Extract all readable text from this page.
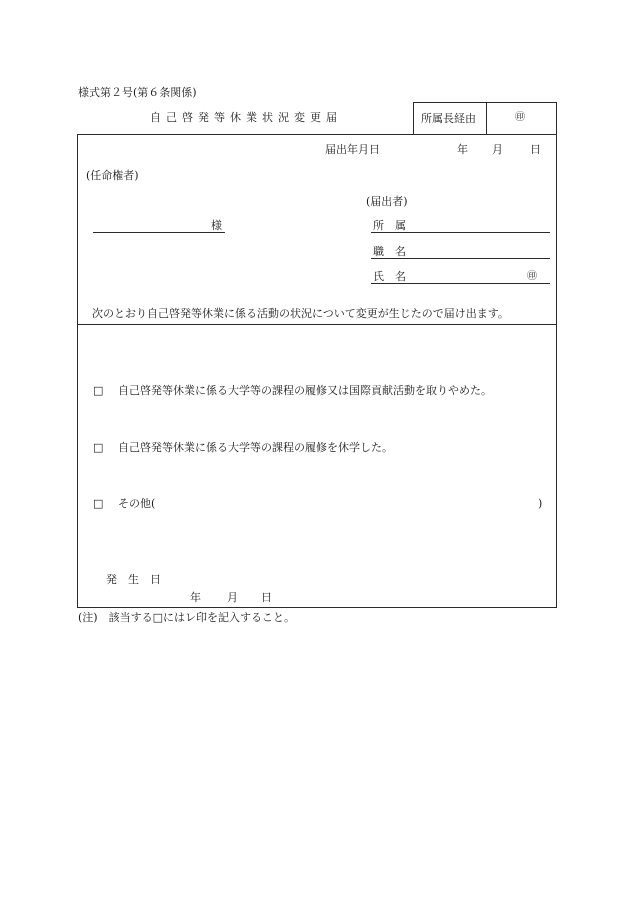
様式第２号(第６条関係)
自己啓発等休業状況変更届	所属長経由	㊞
届出年月日	年 月 日
(任命権者)
様
(届出者)
所　属
職　名
氏　名	㊞
次のとおり自己啓発等休業に係る活動の状況について変更が生じたので届け出ます。
□ 自己啓発等休業に係る大学等の課程の履修又は国際貢献活動を取りやめた。
□ 自己啓発等休業に係る大学等の課程の履修を休学した。
□ その他(	)
発　生　日
年 月 日
(注)　該当する□にはレ印を記入すること。
